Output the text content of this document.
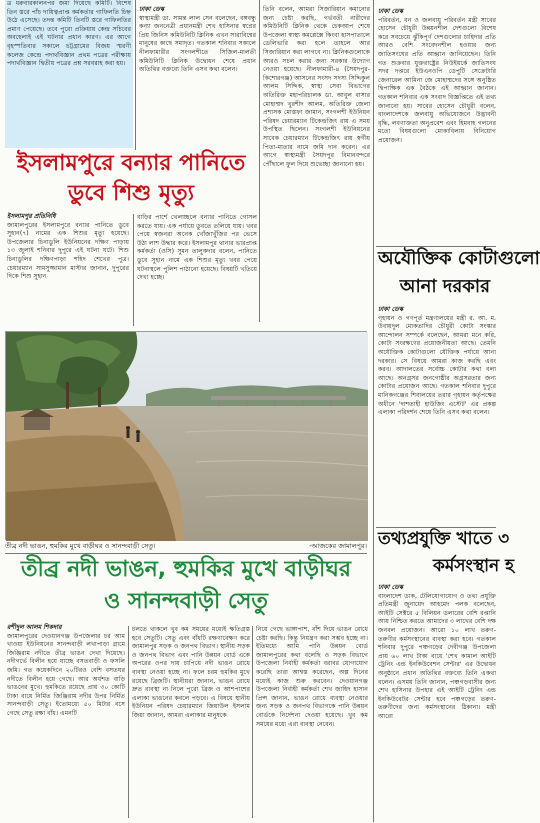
ত্র ধরুবারকালনপর জমা দিয়েছে কমিটি। বিশেষ তিন স্তরে পাঁচ দায়িত্বপ্রাপ্ত কর্মকর্তার গাফিলতি চিহ্ন উঠে এসেছে। তদন্ত কমিটি তিনটি স্তরে গাফিলতির প্রমাণ পেয়েছে। তবে পুরো প্রক্রিয়ায় কেন্দ্র সচিবের অবহেলাই এই ঘটনার প্রধান কারণ। এর আগে বৃহস্পতিবার সকালে চট্টগ্রামের বিজয় স্মরণী কলেজ কেন্দ্রে পদার্থবিজ্ঞান প্রথম পত্রের পরীক্ষায় পদার্থবিজ্ঞান দ্বিতীয় পত্রের প্রশ্ন সরবরাহ করা হয়।
ঢাকা ডেস্ক
স্বাস্থ্যমন্ত্রী ডা. সামন্ত লাল সেন বলেছেন, বঙ্গবন্ধু কন্যা জননেত্রী প্রধানমন্ত্রী শেখ হাসিনার স্বপ্নের প্রিয় জিনিস কমিউনিটি ক্লিনিক এখন সারাবিশ্বের মানুষের কাছে সমাদৃত। গতকাল শনিবার সকালে নীলফামারীর সংগলশীতে সিজিল-মালতী কমিউনিটি ক্লিনিক উদ্বোধন শেষে প্রধান অতিথির বক্তব্যে তিনি এসব কথা বলেন।
তিনি বলেন, আমরা সিজারিয়ান কমানোর জন্য চেষ্টা করছি, গর্ভবতী নারীদের কমিউনিটি ক্লিনিক থেকে চেকআপ শেষে উপজেলা স্বাস্থ্য কমপ্লেক্সে কিংবা হাসপাতালে ডেলিভারি করা হলে তাহলে আর সিজারিয়ান করা লাগবে না। ক্লিনিকগুলোকে আরও সচল করার জন্য সরকার উদ্যোগ নেওয়া হয়েছে। নীলফামারী-৪ (সৈয়দপুর-কিশোরগঞ্জ) আসনের সংসদ সদস্য সিদ্দিকুল আলম সিদ্দিক, স্বাস্থ্য সেবা বিভাগের অতিরিক্ত মহাপরিচালক ডা. আবুল বাসার মোহাম্মদ খুরশীদ আলম, অতিরিক্ত জেলা প্রশাসক মোস্তফা জামান, সংগলশী ইউনিয়ন পরিষদ চেয়ারম্যান টিকেন্দ্রজিৎ রায় এ সময় উপস্থিত ছিলেন। সংগলশী ইউনিয়নের সাবেক চেয়ারম্যান টিকেন্দ্রজিৎ রায় স্বর্গীয় পিতা-মাতার নামে জমি দান করেন। এর আগে স্বাস্থ্যমন্ত্রী সৈয়দপুর বিমানবন্দরে পৌঁছালে ফুল দিয়ে শুভেচ্ছা জানানো হয়।
ঢাকা ডেস্ক
পরিবর্তন, বন ও জলবায়ু পরিবর্তন মন্ত্রী সাবের হোসেন চৌধুরী উন্নয়নশীল দেশগুলো বিশেষ করে সবচেয়ে ঝুঁকিপূর্ণ দেশগুলোর চাহিদার প্রতি আরও বেশি সংবেদনশীল হওয়ার জন্য জাতিসংঘের প্রতি আহ্বান জানিয়েছেন। তিনি গত শুক্রবার যুক্তরাষ্ট্রের নিউইয়র্কে জাতিসংঘ সদর দপ্তরে ইউএনওপি ডেপুটি সেক্রেটারি জেনারেল আমিনা জে মোহাম্মদের সঙ্গে অনুষ্ঠিত দ্বিপাক্ষিক এক বৈঠকে এই আহ্বান জানান। গতকাল শনিবার এক সংবাদ বিজ্ঞপ্তিতে এই তথ্য জানানো হয়। সাবের হোসেন চৌধুরী বলেন, বাংলাদেশকে জলবায়ু অভিযোজনে উদ্ভাবনী বৃদ্ধি, লবণাক্ততা অনুপ্রবেশ এবং হিমবাহ গলনের মতো বিষয়গুলো মোকাবিলায় বিনিয়োগ প্রয়োজন।
ইসলামপুরে বন্যার পানিতে
ডুবে শিশু মৃত্যু
ইসলামপুর প্রতিনিধি
জামালপুরের ইসলামপুরে বন্যার পানিতে ডুবে সুহান(৭) নামের এক শিশুর মৃত্যু হয়েছে। উপজেলার চিনাডুলি ইউনিয়নের দক্ষিণ পাড়ায় ১৩ জুলাই শনিবার দুপুরে এই ঘটনা ঘটে। শিশু চিনাডুলির দক্ষিণপাড়া শহিদ শেখের পুত্র। চেয়ারম্যান সামসুজ্জামান মাস্টার জানান, দুপুরের দিকে শিশু সুহান
বাড়ির পার্শে খেলাচ্ছলে বন্যার পানিতে গোসল করতে যায়। এক পর্যায়ে ডুবতে তলিয়ে যায়। খবর পেয়ে স্বজনরা অনেক খোঁজাখুঁজির পর ভেসে উঠা লাশ উদ্ধার করে। ইসলামপুর থানার ভারপ্রাপ্ত কর্মকর্তা (ওসি) সুমন তালুকদার বলেন, পানিতে ডুবে সুহান নামে এক শিশুর মৃত্যু খবর পেয়ে ঘটনাস্থলে পুলিশ পাঠানো হয়েছে। বিষয়টি খতিয়ে দেখা হচ্ছে।
তীব্র নদী ভাঙন, হুমকির মুখে বাড়ীঘর ও সানন্দবাড়ী সেতু।	-আজকের জামালপুর।
তীব্র নদী ভাঙন, হুমকির মুখে বাড়ীঘর
ও সানন্দবাড়ী সেতু
রশীদুল আলম শিকদার
জামালপুরের দেওয়ানগঞ্জ উপজেলার চর আম খাওয়া ইউনিয়নের সানন্দবাড়ী লখাপাড়া গ্রামে জিঞ্জিরাম নদীতে তীব্র ভাঙন দেখা দিয়েছে। নদীগর্ভে বিলীন হয়ে যাচ্ছে বসতবাড়ী ও ফসলি জমি। গত কয়েকদিনে ২০টিরও বেশি বসতঘর নদীতে বিলীন হয়ে গেছে। আর অর্ধশত বাড়ি ভাঙনের মুখে। হুমকিতে রয়েছে প্রায় ৩০ কোটি টাকা ব্যয়ে নির্মিত জিঞ্জিরাম নদীর উপর নির্মিত সানন্দবাড়ী সেতু। ইতোমধ্যে ৫০ মিটার বসে গেছে সেতু রক্ষা বাঁধ। এমনটি
চলতে থাকলে খুব কম সময়ের মধ্যেই ক্ষতিগ্রস্ত হবে সেতুটি। সেতু এবং বাঁধটি রক্ষণাবেক্ষণ করে জামালপুর সড়ক ও জনপথ বিভাগ। স্থানীয় সড়ক ও জনপথ বিভাগ এবং পানি উন্নয়ন বোর্ড একে অপরের ওপর দায় চাপিয়ে নদী ভাঙন রোধে ব্যবস্থা নেওয়া হচ্ছে না। ফলে চরম হুমকির মুখে রয়েছে ব্রিজটি। স্থানীয়রা জানান, ভাঙন রোধে দ্রুত ব্যবস্থা না নিলে পুরো ব্রিজ ও আশপাশের এলাকা ভাঙনের কবলে পড়বে। এ বিষয়ে স্থানীয় ইউনিয়ন পরিষদ চেয়ারম্যান জিয়াউল ইসলাম জিয়া জানান, আমরা এলাকার মানুষকে
নিয়ে গেছে ভাঙ্গাপাশ, বাঁশ দিয়ে ভাঙন রোধে চেষ্টা করছি। কিন্তু নিয়ন্ত্রণ করা সম্ভব হচ্ছে না। ইতিমধ্যে আমি পানি উন্নয়ন বোর্ড জামালপুরের কথা বলেছি ও সড়ক বিভাগে উপজেলা নির্বাহী কর্মকর্তা বরাবর যোগাযোগ করেছি তারা আশ্বস্ত করেছেন, অল্প দিনের মধ্যেই কাজ শুরু করবেন। দেওয়ানগঞ্জ উপজেলা নির্বাহী কর্মকর্তা শেখ জাহিদ হাসান প্রিন্স জানান, ভাঙন রোধে ব্যবস্থা নেওয়ার জন্য সড়ক ও জনপথ বিভাগকে পানি উন্নয়ন বোর্ডকে নির্দেশনা দেওয়া হয়েছে। খুব কম সময়ের মধ্যে এরা ব্যবস্থা নেবেন।
অযৌক্তিক কোটাগুলো
আনা দরকার
ঢাকা ডেস্ক
গৃহায়ন ও গণপূর্ত মন্ত্রণালয়ের মন্ত্রী র. আ. ম. উবায়দুল মোকতাদির চৌধুরী কোটা সংস্কার আন্দোলন সম্পর্কে বলেছেন, আমরা মনে করি, কোটা সংরক্ষণের প্রয়োজনীয়তা আছে। তেমনি অযৌক্তিক কোটাগুলো যৌক্তিক পর্যায়ে আনা দরকার। সে বিষয়ে আমরা কাজ করছি এবং করব। আদালতের সর্বোচ্চ কোটার কথা বলা আছে। অনগ্রসর জনগোষ্ঠীর অগ্রসরতার জন্য কোটার প্রয়োজন আছে। গতকাল শনিবার দুপুরে মানিকগঞ্জের শিবালয়ের তরার গৃহায়ন কর্তৃপক্ষের অধীনে 'দাশতাহী হাউজিং এস্টেট' এর প্রকল্প এলাকা পরিদর্শন শেষে তিনি এসব কথা বলেন।
তথ্যপ্রযুক্তি খাতে ৩
কর্মসংস্থান হ
ঢাকা ডেস্ক
বাংলাদেশ ডাক, টেলিযোগাযোগ ও তথ্য প্রযুক্তি প্রতিমন্ত্রী জুনায়েদ আহমেদ পলক বলেছেন, আইটি সেক্টরে ৫ বিলিয়ন ডলারের বেশি রপ্তানি আয় নিশ্চিত করতে আমাদের ৩ লাখের বেশি দক্ষ জনবল প্রয়োজন। আরো ১০ লাখ তরুণ-তরুণীর কর্মসংস্থানের ব্যবস্থা করা হবে। গতকাল শনিবার দুপুরে পঞ্চগড়ের দেবীগঞ্জ উপজেলা প্রায় ৬০ লাখ টাকা ব্যয়ে 'শেখ কামাল আইটি ট্রেনিং এন্ড ইনকিউবেশন সেন্টার' এর উদ্বোধন অনুষ্ঠানে প্রধান অতিথির বক্তব্যে তিনি একথা বলেন। এসময় তিনি জানান, পঞ্চগড়বাসীর জন্য শেখ হাসিনার উপহার এই আইটি ট্রেনিং এন্ড ইনকিউবেটর সেন্টার হবে পঞ্চগড়ের তরুণ-তরুণীদের জন্য কর্মসংস্থানের ঠিকানা। মন্ত্রী আরো
